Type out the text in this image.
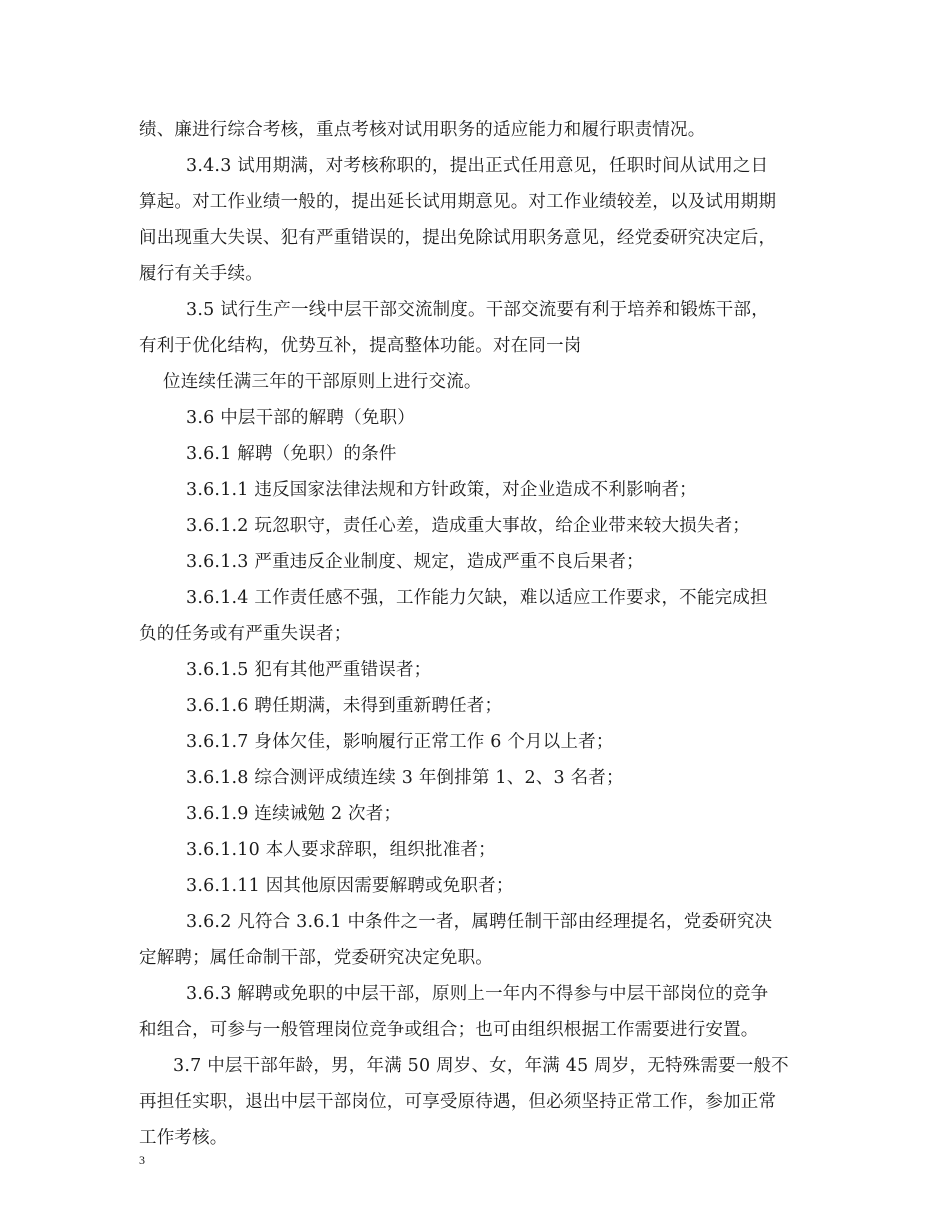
绩、廉进行综合考核，重点考核对试用职务的适应能力和履行职责情况。
3.4.3 试用期满，对考核称职的，提出正式任用意见，任职时间从试用之日
算起。对工作业绩一般的，提出延长试用期意见。对工作业绩较差，以及试用期期
间出现重大失误、犯有严重错误的，提出免除试用职务意见，经党委研究决定后，
履行有关手续。
3.5 试行生产一线中层干部交流制度。干部交流要有利于培养和锻炼干部，
有利于优化结构，优势互补，提高整体功能。对在同一岗
位连续任满三年的干部原则上进行交流。
3.6 中层干部的解聘（免职）
3.6.1 解聘（免职）的条件
3.6.1.1 违反国家法律法规和方针政策，对企业造成不利影响者；
3.6.1.2 玩忽职守，责任心差，造成重大事故，给企业带来较大损失者；
3.6.1.3 严重违反企业制度、规定，造成严重不良后果者；
3.6.1.4 工作责任感不强，工作能力欠缺，难以适应工作要求，不能完成担
负的任务或有严重失误者；
3.6.1.5 犯有其他严重错误者；
3.6.1.6 聘任期满，未得到重新聘任者；
3.6.1.7 身体欠佳，影响履行正常工作 6 个月以上者；
3.6.1.8 综合测评成绩连续 3 年倒排第 1、2、3 名者；
3.6.1.9 连续诫勉 2 次者；
3.6.1.10 本人要求辞职，组织批准者；
3.6.1.11 因其他原因需要解聘或免职者；
3.6.2 凡符合 3.6.1 中条件之一者，属聘任制干部由经理提名，党委研究决
定解聘；属任命制干部，党委研究决定免职。
3.6.3 解聘或免职的中层干部，原则上一年内不得参与中层干部岗位的竞争
和组合，可参与一般管理岗位竞争或组合；也可由组织根据工作需要进行安置。
3.7 中层干部年龄，男，年满 50 周岁、女，年满 45 周岁，无特殊需要一般不
再担任实职，退出中层干部岗位，可享受原待遇，但必须坚持正常工作，参加正常
工作考核。
3
